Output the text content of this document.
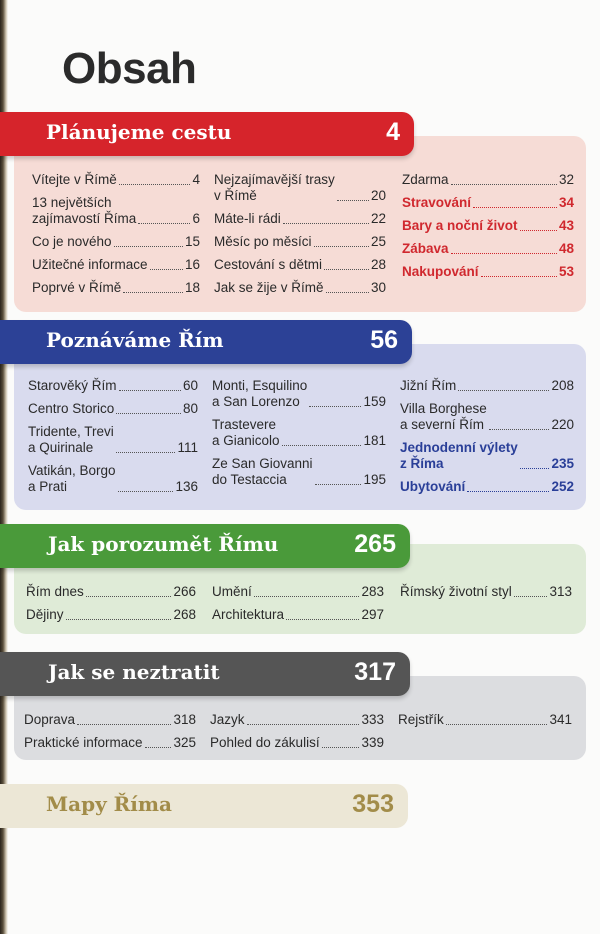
Obsah
Plánujeme cestu	4
Vítejte v Římě	4
13 největších
zajímavostí Říma	6
Co je nového	15
Užitečné informace	16
Poprvé v Římě	18
Nejzajímavější trasy
v Římě	20
Máte-li rádi	22
Měsíc po měsíci	25
Cestování s dětmi	28
Jak se žije v Římě	30
Zdarma	32
Stravování	34
Bary a noční život	43
Zábava	48
Nakupování	53
Poznáváme Řím	56
Starověký Řím	60
Centro Storico	80
Tridente, Trevi
a Quirinale	111
Vatikán, Borgo
a Prati	136
Monti, Esquilino
a San Lorenzo	159
Trastevere
a Gianicolo	181
Ze San Giovanni
do Testaccia	195
Jižní Řím	208
Villa Borghese
a severní Řím	220
Jednodenní výlety
z Říma	235
Ubytování	252
Jak porozumět Římu	265
Řím dnes	266
Dějiny	268
Umění	283
Architektura	297
Římský životní styl	313
Jak se neztratit	317
Doprava	318
Praktické informace 325
Jazyk	333
Pohled do zákulisí	339
Rejstřík	341
Mapy Říma	353
